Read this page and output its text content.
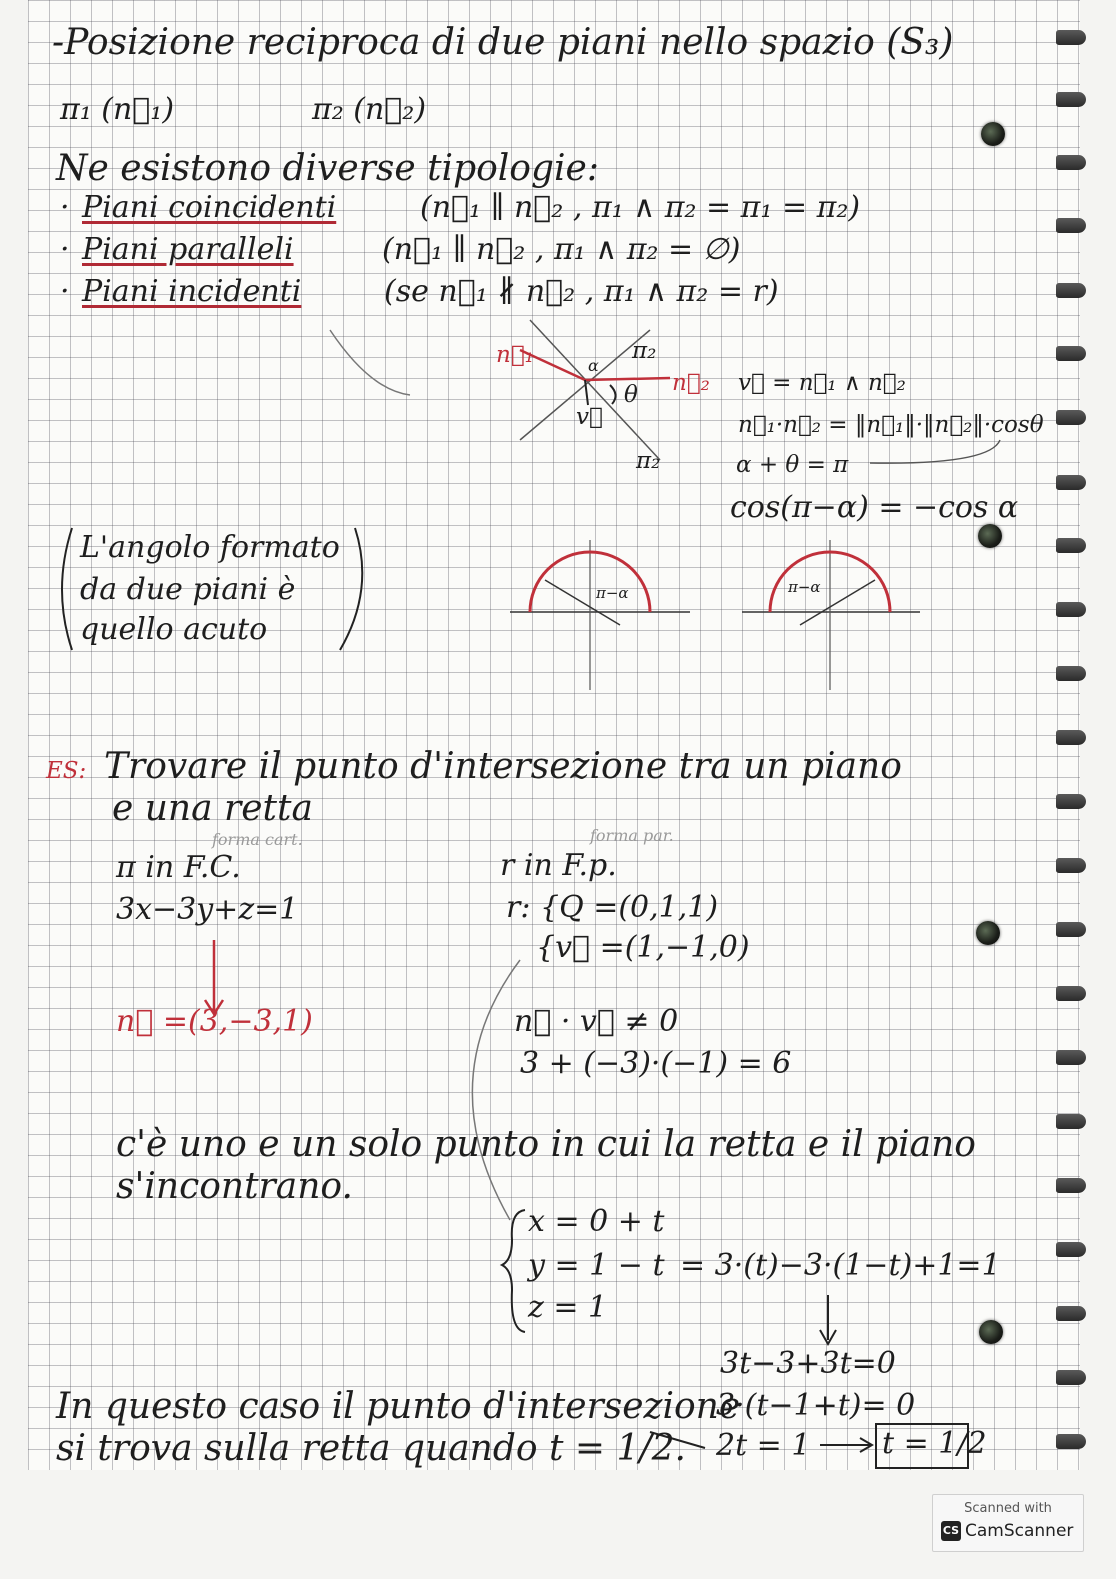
-Posizione reciproca di due piani nello spazio (S₃)
π₁ (n⃗₁)	π₂ (n⃗₂)
Ne esistono diverse tipologie:
· Piani coincidenti	(n⃗₁ ∥ n⃗₂ , π₁ ∧ π₂ = π₁ = π₂)
· Piani paralleli	(n⃗₁ ∥ n⃗₂ , π₁ ∧ π₂ = ∅)
· Piani incidenti	(se n⃗₁ ∦ n⃗₂ , π₁ ∧ π₂ = r)
n⃗₁	π₂
α
θ n⃗₂
v⃗
π₂
v⃗ = n⃗₁ ∧ n⃗₂
n⃗₁·n⃗₂ = ‖n⃗₁‖·‖n⃗₂‖·cosθ
α + θ = π
cos(π−α) = −cos α
L'angolo formato
da due piani è
quello acuto
π−α	π−α
ES: Trovare il punto d'intersezione tra un piano
e una retta
forma cart.	forma par.
π in F.C.
3x−3y+z=1
n⃗ =(3,−3,1)
r in F.p.
r: {Q =(0,1,1)
{v⃗ =(1,−1,0)
n⃗ · v⃗ ≠ 0
3 + (−3)·(−1) = 6
c'è uno e un solo punto in cui la retta e il piano
s'incontrano.
x = 0 + t
y = 1 − t
z = 1
= 3·(t)−3·(1−t)+1=1
3t−3+3t=0
3·(t−1+t)= 0
2t = 1 t = 1/2
In questo caso il punto d'intersezione
si trova sulla retta quando t = 1/2.
Scanned with
CS CamScanner
